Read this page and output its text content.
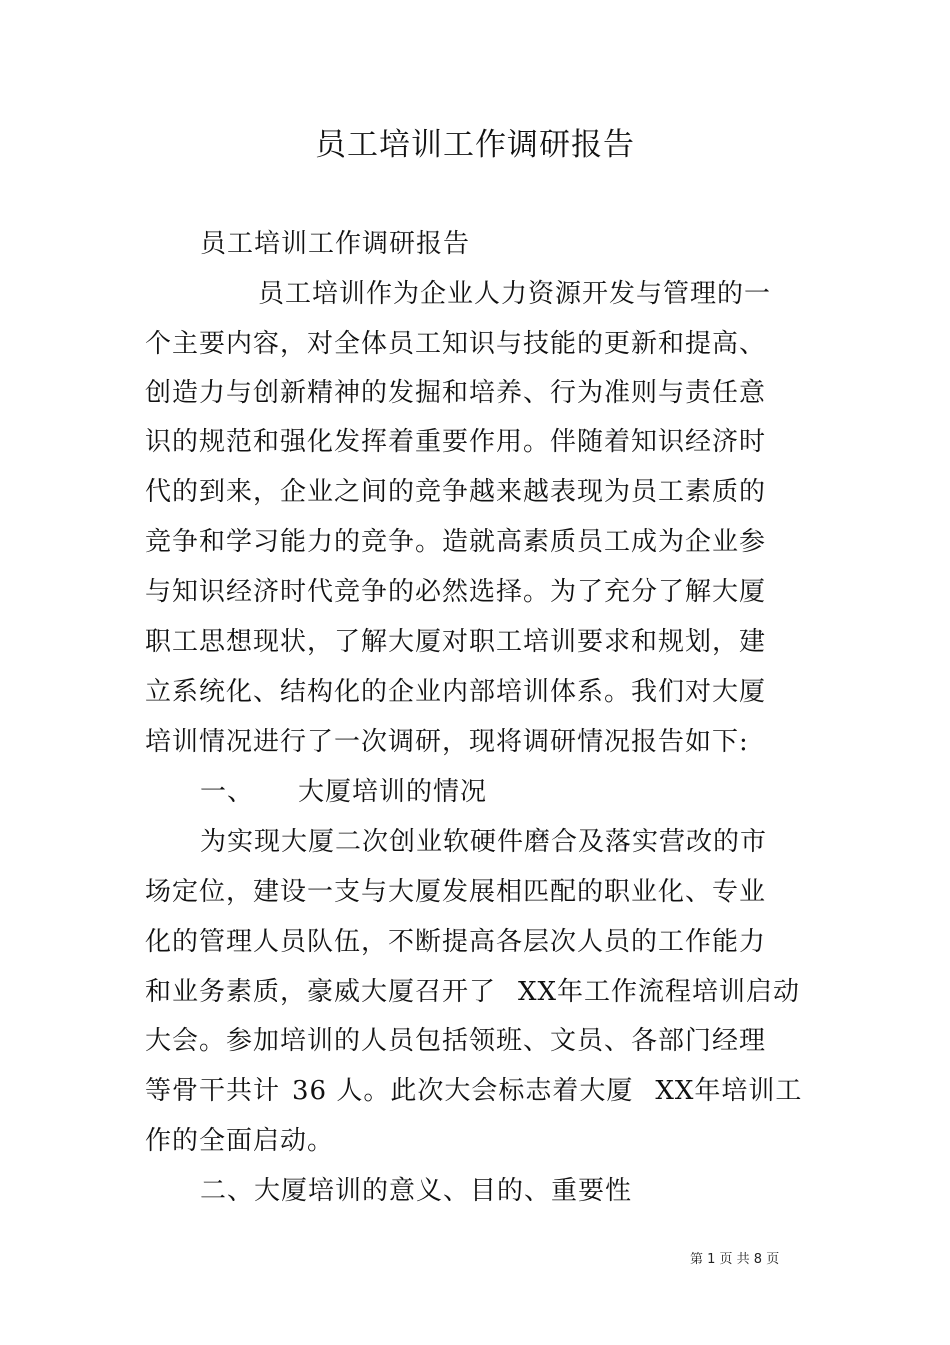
员工培训工作调研报告
员工培训工作调研报告
员工培训作为企业人力资源开发与管理的一
个主要内容，对全体员工知识与技能的更新和提高、
创造力与创新精神的发掘和培养、行为准则与责任意
识的规范和强化发挥着重要作用。伴随着知识经济时
代的到来，企业之间的竞争越来越表现为员工素质的
竞争和学习能力的竞争。造就高素质员工成为企业参
与知识经济时代竞争的必然选择。为了充分了解大厦
职工思想现状，了解大厦对职工培训要求和规划，建
立系统化、结构化的企业内部培训体系。我们对大厦
培训情况进行了一次调研，现将调研情况报告如下:
一、 大厦培训的情况
为实现大厦二次创业软硬件磨合及落实营改的市
场定位，建设一支与大厦发展相匹配的职业化、专业
化的管理人员队伍，不断提高各层次人员的工作能力
和业务素质，豪威大厦召开了 XX年工作流程培训启动
大会。参加培训的人员包括领班、文员、各部门经理
等骨干共计 36 人。此次大会标志着大厦 XX年培训工
作的全面启动。
二、大厦培训的意义、目的、重要性
第 1 页 共 8 页
